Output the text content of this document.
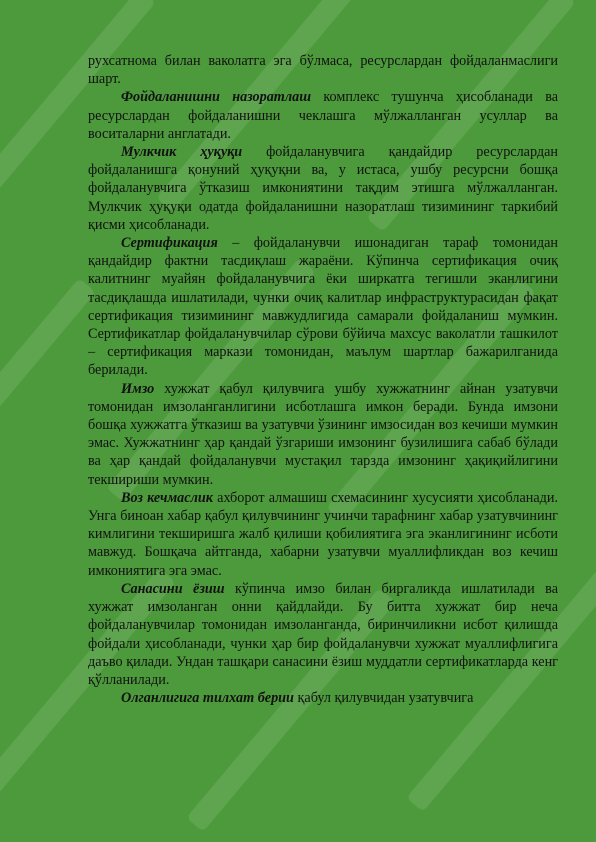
рухсатнома билан ваколатга эга бўлмаса, ресурслардан фойдаланмаслиги шарт.

Фойдаланишни назоратлаш комплекс тушунча ҳисобланади ва ресурслардан фойдаланишни чеклашга мўлжалланган усуллар ва воситаларни англатади.

Мулкчик ҳуқуқи фойдаланувчига қандайдир ресурслардан фойдаланишга қонуний ҳуқуқни ва, у истаса, ушбу ресурсни бошқа фойдаланувчига ўтказиш имкониятини тақдим этишга мўлжалланган. Мулкчик ҳуқуқи одатда фойдаланишни назоратлаш тизимининг таркибий қисми ҳисобланади.

Сертификация – фойдаланувчи ишонадиган тараф томонидан қандайдир фактни тасдиқлаш жараёни. Кўпинча сертификация очиқ калитнинг муайян фойдаланувчига ёки ширкатга тегишли эканлигини тасдиқлашда ишлатилади, чунки очиқ калитлар инфраструктурасидан фақат сертификация тизимининг мавжудлигида самарали фойдаланиш мумкин. Сертификатлар фойдаланувчилар сўрови бўйича махсус ваколатли ташкилот – сертификация маркази томонидан, маълум шартлар бажарилганида берилади.

Имзо хужжат қабул қилувчига ушбу хужжатнинг айнан узатувчи томонидан имзоланганлигини исботлашга имкон беради. Бунда имзони бошқа хужжатга ўтказиш ва узатувчи ўзининг имзосидан воз кечиши мумкин эмас. Хужжатнинг ҳар қандай ўзгариши имзонинг бузилишига сабаб бўлади ва ҳар қандай фойдаланувчи мустақил тарзда имзонинг ҳақиқийлигини текшириши мумкин.

Воз кечмаслик ахборот алмашиш схемасининг хусусияти ҳисобланади. Унга биноан хабар қабул қилувчининг учинчи тарафнинг хабар узатувчининг кимлигини текширишга жалб қилиши қобилиятига эга эканлигининг исботи мавжуд. Бошқача айтганда, хабарни узатувчи муаллифликдан воз кечиш имкониятига эга эмас.

Санасини ёзиш кўпинча имзо билан биргаликда ишлатилади ва хужжат имзоланган онни қайдлайди. Бу битта хужжат бир неча фойдаланувчилар томонидан имзоланганда, биринчиликни исбот қилишда фойдали ҳисобланади, чунки ҳар бир фойдаланувчи хужжат муаллифлигига даъво қилади. Ундан ташқари санасини ёзиш муддатли сертификатларда кенг қўлланилади.

Олганлигига тилхат берии қабул қилувчидан узатувчига
